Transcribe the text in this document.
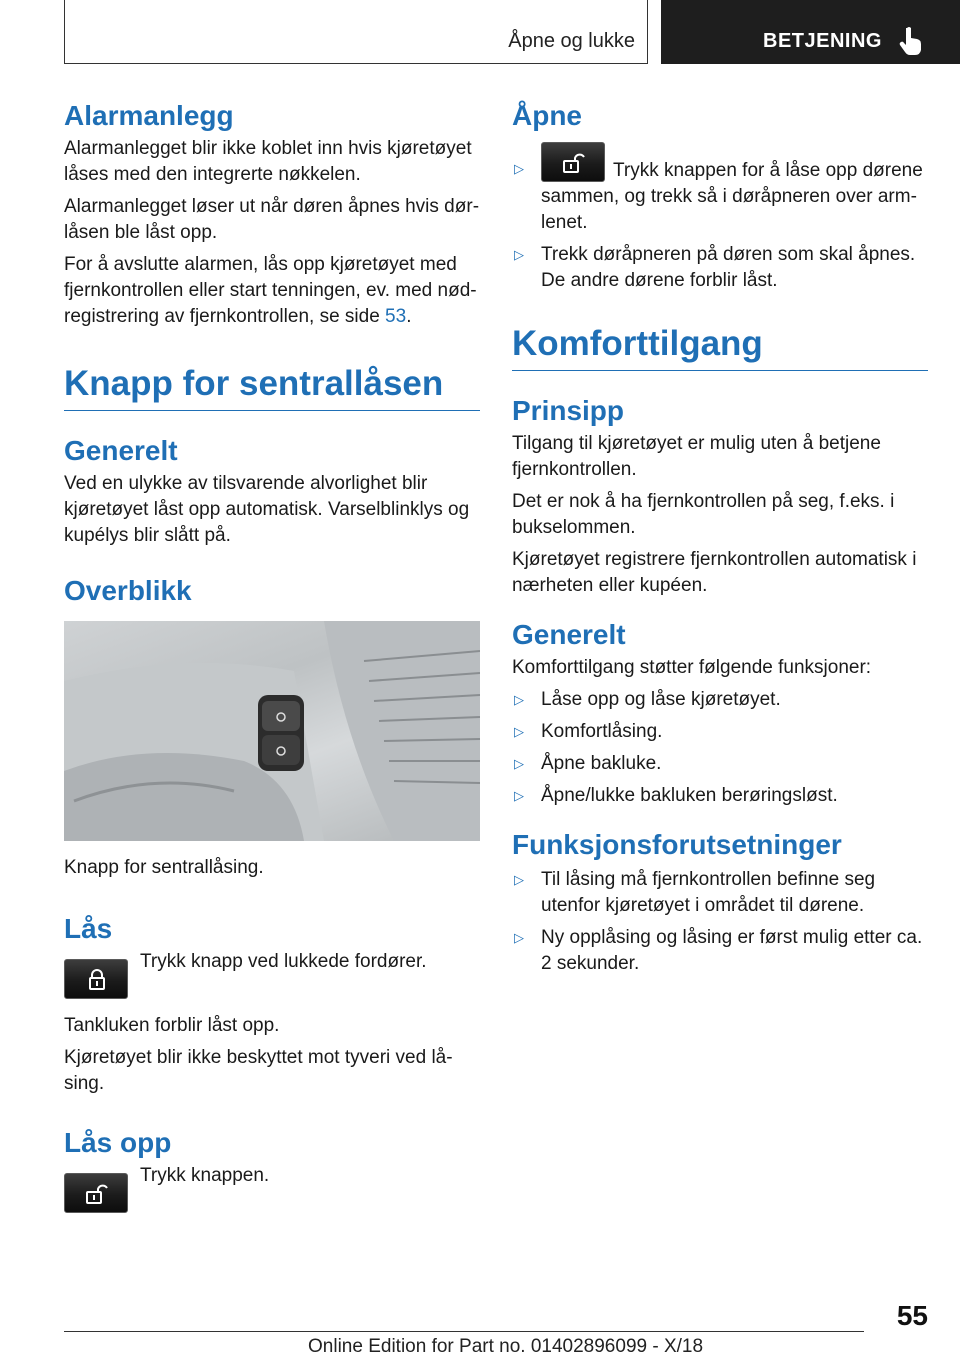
Åpne og lukke	BETJENING
Alarmanlegg

Alarmanlegget blir ikke koblet inn hvis kjøretøyet låses med den integrerte nøkkelen.

Alarmanlegget løser ut når døren åpnes hvis dørlåsen ble låst opp.

For å avslutte alarmen, lås opp kjøretøyet med fjernkontrollen eller start tenningen, ev. med nødregistrering av fjernkontrollen, se side 53.

Knapp for sentrallåsen
Generelt

Ved en ulykke av tilsvarende alvorlighet blir kjøretøyet låst opp automatisk. Varselblinklys og kupélys blir slått på.

Overblikk

Knapp for sentrallåsing.

Lås
Trykk knapp ved lukkede fordører.

Tankluken forblir låst opp.

Kjøretøyet blir ikke beskyttet mot tyveri ved låsing.

Lås opp
Trykk knappen.
Åpne
▷	Trykk knappen for å låse opp dørene sammen, og trekk så i døråpneren over armlenet.
▷ Trekk døråpneren på døren som skal åpnes. De andre dørene forblir låst.
Komforttilgang
Prinsipp

Tilgang til kjøretøyet er mulig uten å betjene fjernkontrollen.

Det er nok å ha fjernkontrollen på seg, f.eks. i bukselommen.

Kjøretøyet registrere fjernkontrollen automatisk i nærheten eller kupéen.

Generelt

Komforttilgang støtter følgende funksjoner:

▷ Låse opp og låse kjøretøyet.
▷ Komfortlåsing.
▷ Åpne bakluke.
▷ Åpne/lukke bakluken berøringsløst.
Funksjonsforutsetninger
▷ Til låsing må fjernkontrollen befinne seg utenfor kjøretøyet i området til dørene.
▷ Ny opplåsing og låsing er først mulig etter ca. 2 sekunder.
55
Online Edition for Part no. 01402896099 - X/18
